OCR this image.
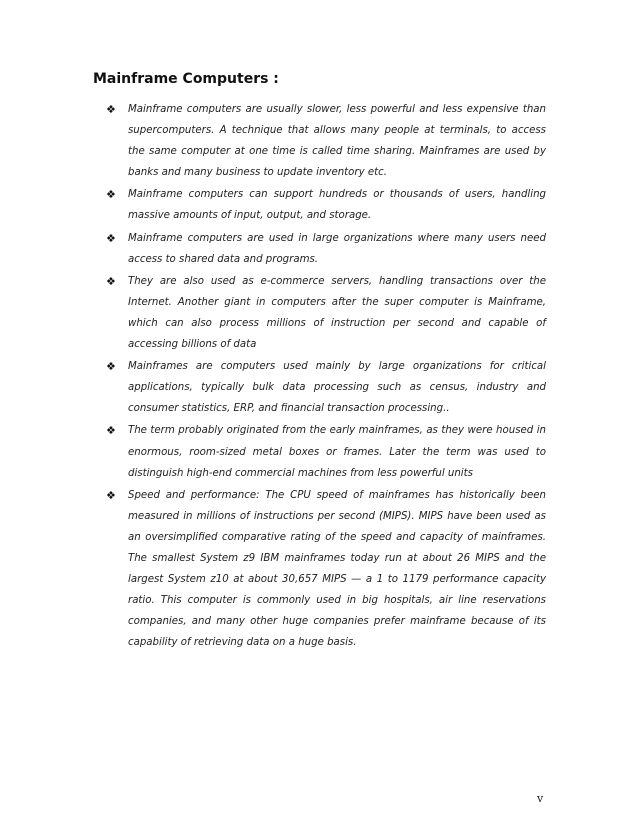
Mainframe Computers :
❖ Mainframe computers are usually slower, less powerful and less expensive than supercomputers. A technique that allows many people at terminals, to access the same computer at one time is called time sharing. Mainframes are used by banks and many business to update inventory etc.
❖ Mainframe computers can support hundreds or thousands of users, handling massive amounts of input, output, and storage.
❖ Mainframe computers are used in large organizations where many users need access to shared data and programs.
❖ They are also used as e-commerce servers, handling transactions over the Internet. Another giant in computers after the super computer is Mainframe, which can also process millions of instruction per second and capable of accessing billions of data
❖ Mainframes are computers used mainly by large organizations for critical applications, typically bulk data processing such as census, industry and consumer statistics, ERP, and financial transaction processing..
❖ The term probably originated from the early mainframes, as they were housed in enormous, room-sized metal boxes or frames. Later the term was used to distinguish high-end commercial machines from less powerful units
❖ Speed and performance: The CPU speed of mainframes has historically been measured in millions of instructions per second (MIPS). MIPS have been used as an oversimplified comparative rating of the speed and capacity of mainframes. The smallest System z9 IBM mainframes today run at about 26 MIPS and the largest System z10 at about 30,657 MIPS — a 1 to 1179 performance capacity ratio. This computer is commonly used in big hospitals, air line reservations companies, and many other huge companies prefer mainframe because of its capability of retrieving data on a huge basis.
v
